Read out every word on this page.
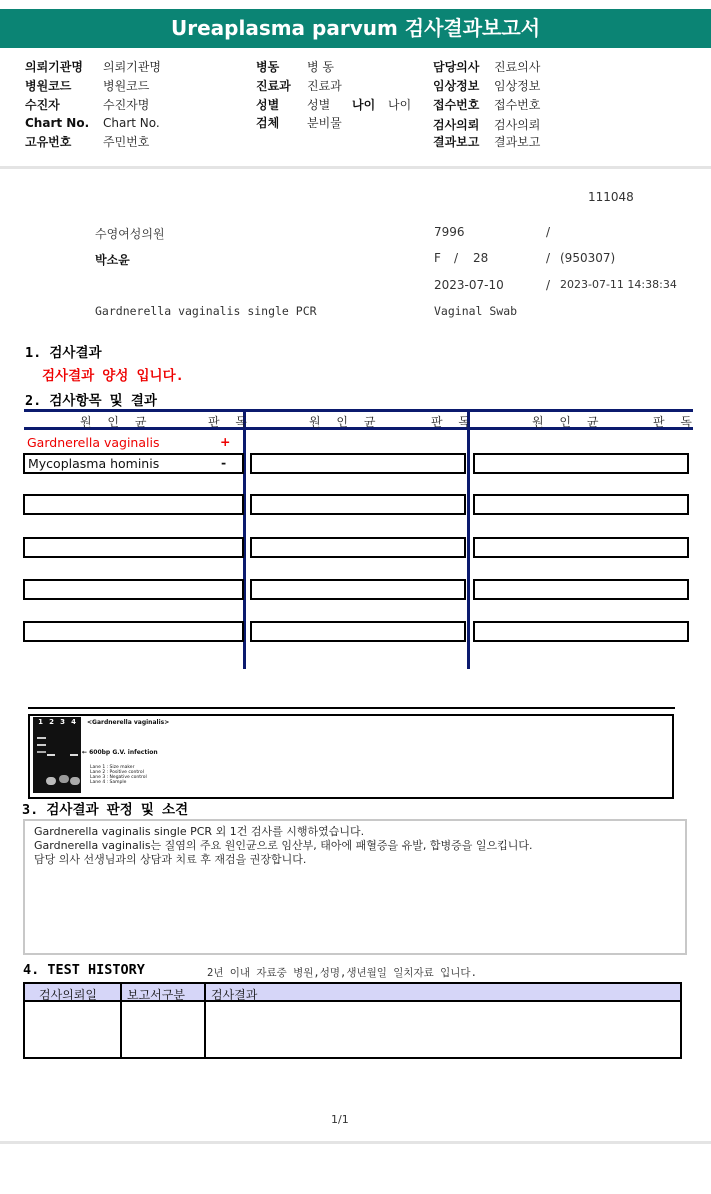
Ureaplasma parvum 검사결과보고서
의뢰기관명 의뢰기관명
병원코드	병원코드
수진자	수진자명
Chart No. Chart No.
고유번호	주민번호
병동 병 동
진료과 진료과
성별 성별 나이 나이
검체 분비물
담당의사 진료의사
임상정보 임상정보
접수번호 접수번호
검사의뢰 검사의뢰
결과보고 결과보고
111048
수영여성의원	7996	/
박소윤	F / 28	/ (950307)
2023-07-10	/ 2023-07-11 14:38:34
Gardnerella vaginalis single PCR	Vaginal Swab
1. 검사결과
검사결과 양성 입니다.
2. 검사항목 및 결과
원 인 균	판 독	원 인 균	판 독	원 인 균	판 독
Gardnerella vaginalis	+
Mycoplasma hominis	-
1 2 3 4 <Gardnerella vaginalis>
← 600bp G.V. infection
Lane 1 : Size maker
Lane 2 : Positive control
Lane 3 : Negative control
Lane 4 : Sample
3. 검사결과 판정 및 소견
Gardnerella vaginalis single PCR 외 1건 검사를 시행하였습니다.
Gardnerella vaginalis는 질염의 주요 원인균으로 임산부, 태아에 패혈증을 유발, 합병증을 일으킵니다.
담당 의사 선생님과의 상담과 치료 후 재검을 권장합니다.
4. TEST HISTORY	2년 이내 자료중 병원,성명,생년월일 일치자료 입니다.
검사의뢰일	보고서구분 검사결과
1/1
